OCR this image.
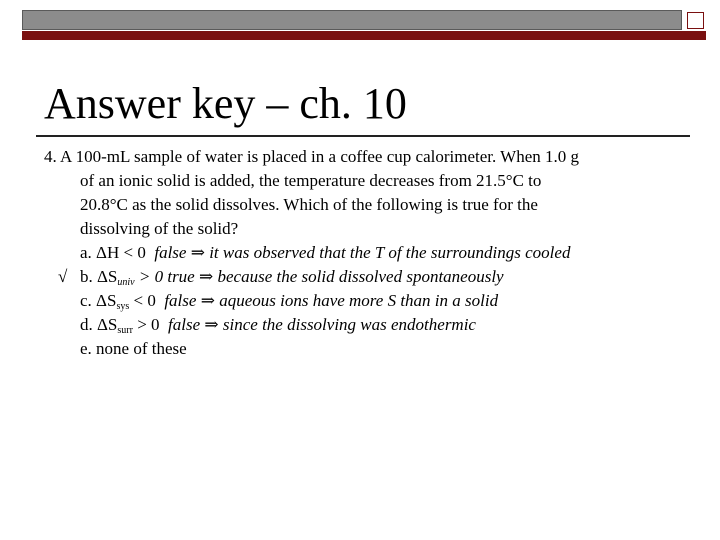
Answer key – ch. 10
4. A 100-mL sample of water is placed in a coffee cup calorimeter. When 1.0 g
of an ionic solid is added, the temperature decreases from 21.5°C to
20.8°C as the solid dissolves. Which of the following is true for the
dissolving of the solid?
a. ΔH < 0 false ⇒ it was observed that the T of the surroundings cooled
√ b. $\Delta S_{univ} > 0$ true ⇒ because the solid dissolved spontaneously
c. $\Delta S_{sys} < 0$ false ⇒ aqueous ions have more S than in a solid
d. $\Delta S_{surr} > 0$ false ⇒ since the dissolving was endothermic
e. none of these
